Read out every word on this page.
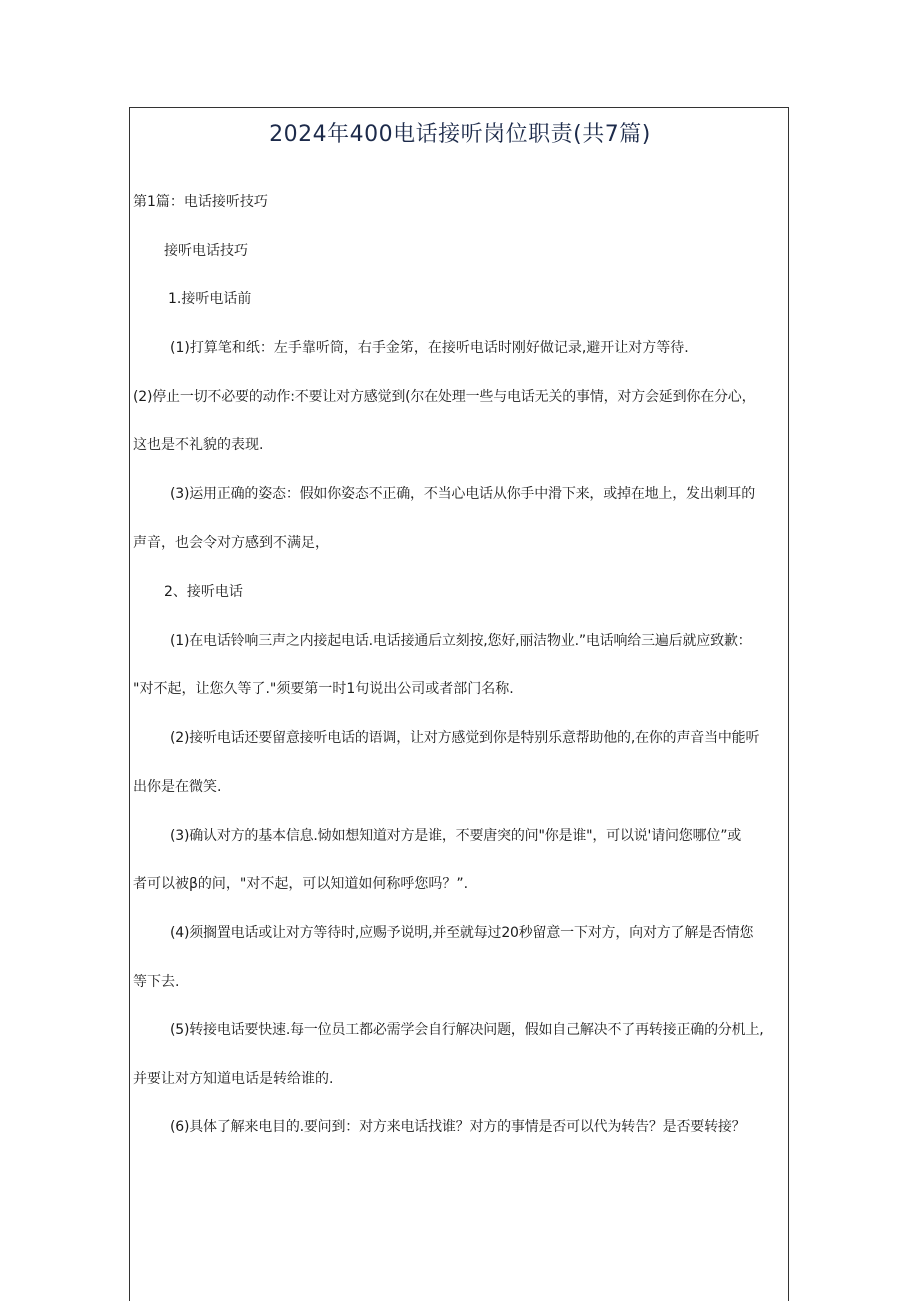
2024年400电话接听岗位职责(共7篇)

第1篇：电话接听技巧

接听电话技巧

1.接听电话前

(1)打算笔和纸：左手靠听筒，右手金笫，在接听电话时刚好做记录,避开让对方等待.

(2)停止一切不必要的动作:不要让对方感觉到(尔在处理一些与电话无关的事情，对方会延到你在分心，

这也是不礼貌的表现.

(3)运用正确的姿态：假如你姿态不正确，不当心电话从你手中滑下来，或掉在地上，发出刺耳的

声音，也会令对方感到不满足，

2、接听电话

(1)在电话铃响三声之内接起电话.电话接通后立刻按,您好,丽洁物业.”电话响给三遍后就应致歉：

"对不起，让您久等了."须要第一时1句说出公司或者部门名称.

(2)接听电话还要留意接听电话的语调，让对方感觉到你是特别乐意帮助他的,在你的声音当中能听

出你是在微笑.

(3)确认对方的基本信息.恸如想知道对方是谁，不要唐突的问"你是谁"，可以说'请问您哪位”或

者可以被β的问，"对不起，可以知道如何称呼您吗？”.

(4)须搁置电话或让对方等待时,应赐予说明,并至就每过20秒留意一下对方，向对方了解是否情您

等下去.

(5)转接电话要快速.每一位员工都必需学会自行解决问题，假如自己解决不了再转接正确的分机上,

并要让对方知道电话是转给谁的.

(6)具体了解来电目的.要问到：对方来电话找谁？对方的事情是否可以代为转告？是否要转接？
